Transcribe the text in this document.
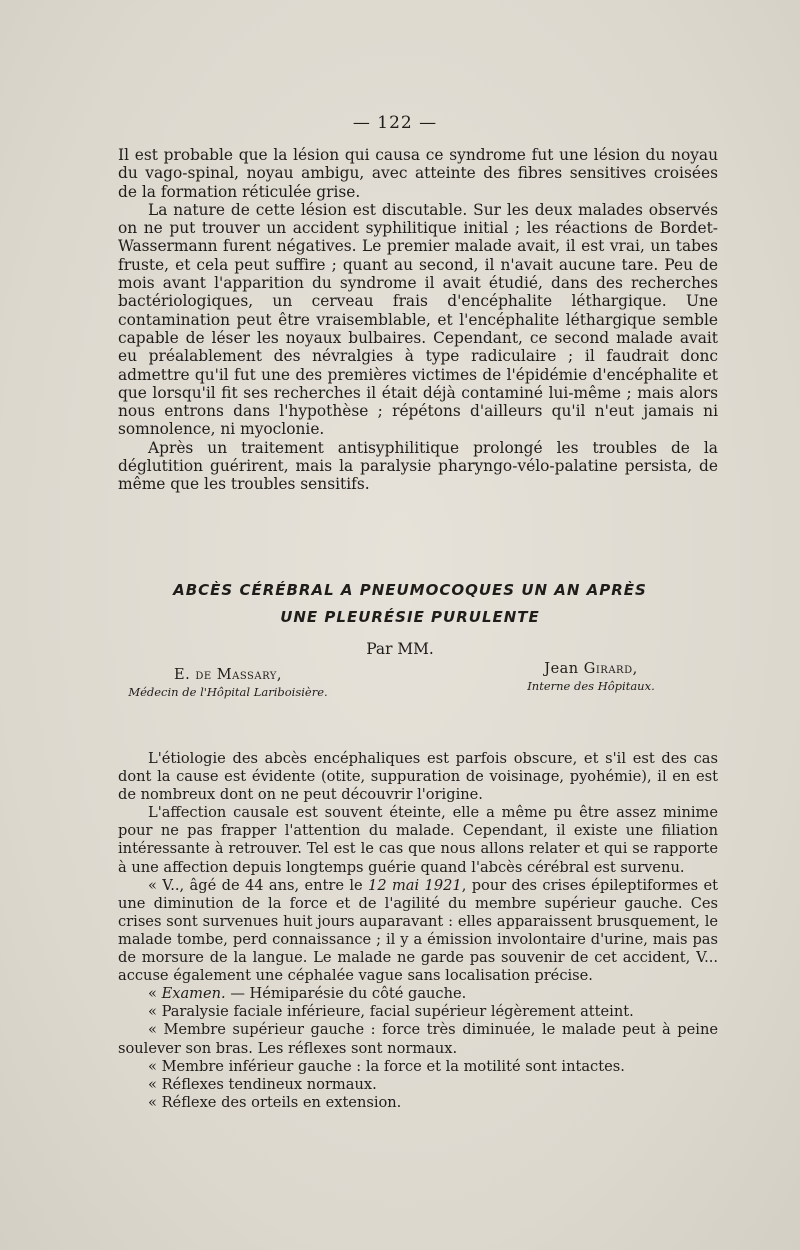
— 122 —

Il est probable que la lésion qui causa ce syndrome fut une lésion du noyau du vago-spinal, noyau ambigu, avec atteinte des fibres sensitives croisées de la formation réticulée grise.

La nature de cette lésion est discutable. Sur les deux malades observés on ne put trouver un accident syphilitique initial ; les réactions de Bordet-Wassermann furent négatives. Le premier malade avait, il est vrai, un tabes fruste, et cela peut suffire ; quant au second, il n'avait aucune tare. Peu de mois avant l'apparition du syndrome il avait étudié, dans des recherches bactériologiques, un cerveau frais d'encéphalite léthargique. Une contamination peut être vraisemblable, et l'encéphalite léthargique semble capable de léser les noyaux bulbaires. Cependant, ce second malade avait eu préalablement des névralgies à type radiculaire ; il faudrait donc admettre qu'il fut une des premières victimes de l'épidémie d'encéphalite et que lorsqu'il fit ses recherches il était déjà contaminé lui-même ; mais alors nous entrons dans l'hypothèse ; répétons d'ailleurs qu'il n'eut jamais ni somnolence, ni myoclonie.

Après un traitement antisyphilitique prolongé les troubles de la déglutition guérirent, mais la paralysie pharyngo-vélo-palatine persista, de même que les troubles sensitifs.

ABCÈS CÉRÉBRAL A PNEUMOCOQUES UN AN APRÈS
UNE PLEURÉSIE PURULENTE
Par MM.
E. de Massary,
Médecin de l'Hôpital Lariboisière.
Jean Girard,
Interne des Hôpitaux.

L'étiologie des abcès encéphaliques est parfois obscure, et s'il est des cas dont la cause est évidente (otite, suppuration de voisinage, pyohémie), il en est de nombreux dont on ne peut découvrir l'origine.

L'affection causale est souvent éteinte, elle a même pu être assez minime pour ne pas frapper l'attention du malade. Cependant, il existe une filiation intéressante à retrouver. Tel est le cas que nous allons relater et qui se rapporte à une affection depuis longtemps guérie quand l'abcès cérébral est survenu.

« V.., âgé de 44 ans, entre le 12 mai 1921, pour des crises épileptiformes et une diminution de la force et de l'agilité du membre supérieur gauche. Ces crises sont survenues huit jours auparavant : elles apparaissent brusquement, le malade tombe, perd connaissance ; il y a émission involontaire d'urine, mais pas de morsure de la langue. Le malade ne garde pas souvenir de cet accident, V... accuse également une céphalée vague sans localisation précise.

« Examen. — Hémiparésie du côté gauche.

« Paralysie faciale inférieure, facial supérieur légèrement atteint.

« Membre supérieur gauche : force très diminuée, le malade peut à peine soulever son bras. Les réflexes sont normaux.

« Membre inférieur gauche : la force et la motilité sont intactes.

« Réflexes tendineux normaux.

« Réflexe des orteils en extension.
